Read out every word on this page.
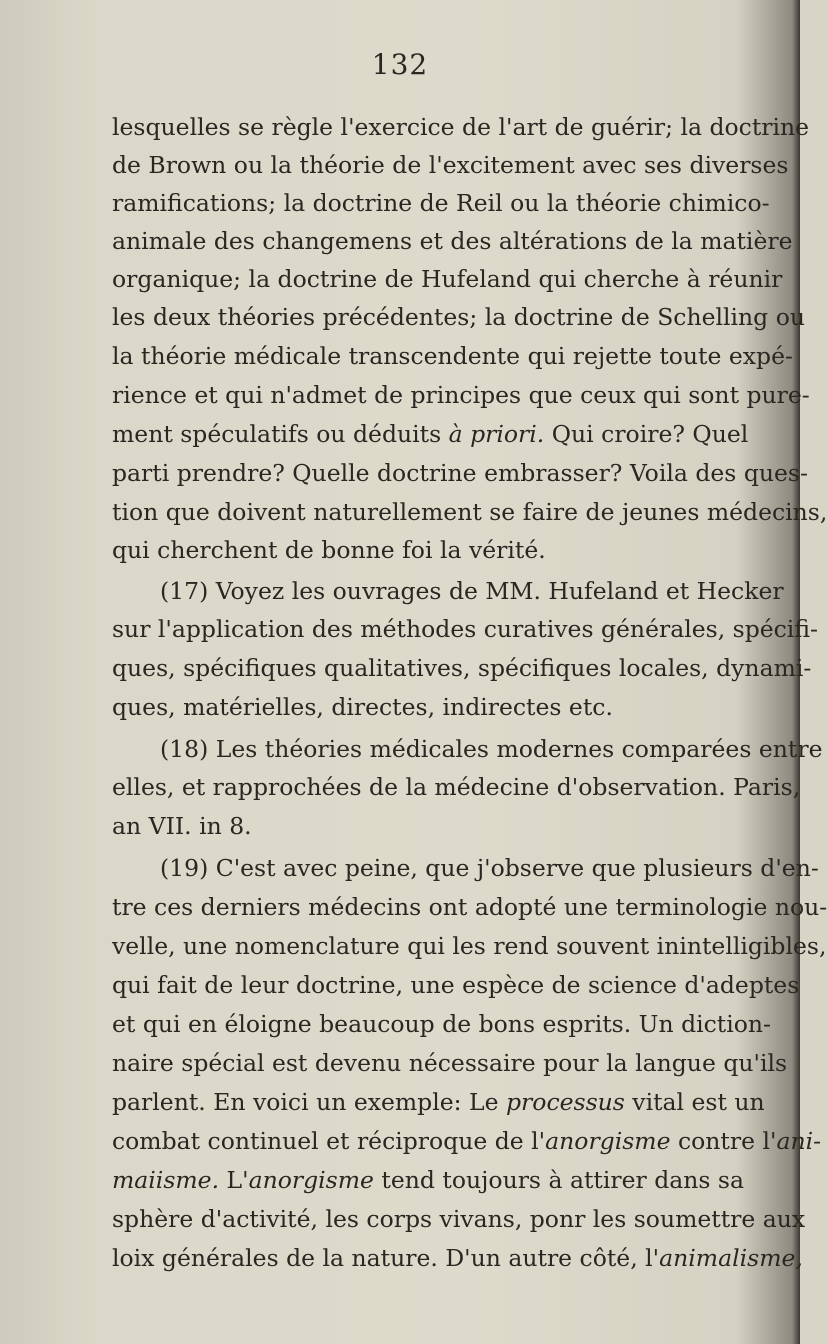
132
lesquelles se règle l'exercice de l'art de guérir; la doctrine
de Brown ou la théorie de l'excitement avec ses diverses
ramifications; la doctrine de Reil ou la théorie chimico-
animale des changemens et des altérations de la matière
organique; la doctrine de Hufeland qui cherche à réunir
les deux théories précédentes; la doctrine de Schelling ou
la théorie médicale transcendente qui rejette toute expé-
rience et qui n'admet de principes que ceux qui sont pure-
ment spéculatifs ou déduits à priori. Qui croire? Quel
parti prendre? Quelle doctrine embrasser? Voila des ques-
tion que doivent naturellement se faire de jeunes médecins,
qui cherchent de bonne foi la vérité.
(17) Voyez les ouvrages de MM. Hufeland et Hecker
sur l'application des méthodes curatives générales, spécifi-
ques, spécifiques qualitatives, spécifiques locales, dynami-
ques, matérielles, directes, indirectes etc.
(18) Les théories médicales modernes comparées entre
elles, et rapprochées de la médecine d'observation. Paris,
an VII. in 8.
(19) C'est avec peine, que j'observe que plusieurs d'en-
tre ces derniers médecins ont adopté une terminologie nou-
velle, une nomenclature qui les rend souvent inintelligibles,
qui fait de leur doctrine, une espèce de science d'adeptes
et qui en éloigne beaucoup de bons esprits. Un diction-
naire spécial est devenu nécessaire pour la langue qu'ils
parlent. En voici un exemple: Le processus vital est un
combat continuel et réciproque de l'anorgisme contre l'ani-
maiisme. L'anorgisme tend toujours à attirer dans sa
sphère d'activité, les corps vivans, ponr les soumettre aux
loix générales de la nature. D'un autre côté, l'animalisme,
